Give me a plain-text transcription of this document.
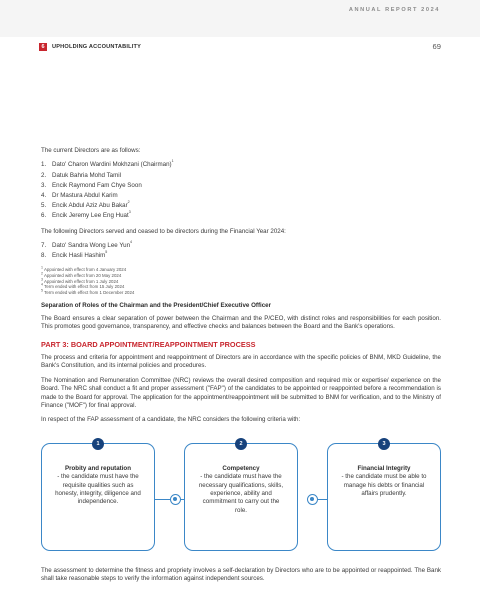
ANNUAL REPORT 2024
6	UPHOLDING ACCOUNTABILITY	69

The current Directors are as follows:

1. Dato' Charon Wardini Mokhzani (Chairman) 1
2. Datuk Bahria Mohd Tamil
3. Encik Raymond Fam Chye Soon
4. Dr Mastura Abdul Karim
5. Encik Abdul Aziz Abu Bakar 2
6. Encik Jeremy Lee Eng Huat 3

The following Directors served and ceased to be directors during the Financial Year 2024:

7. Dato' Sandra Wong Lee Yun 4
8. Encik Hasli Hashim 5
$^1$ Appointed with effect from 4 January 2024
$^2$ Appointed with effect from 20 May 2024
$^3$ Appointed with effect from 1 July 2024
$^4$ Term ended with effect from 15 July 2024
$^5$ Term ended with effect from 1 December 2024
Separation of Roles of the Chairman and the President/Chief Executive Officer

The Board ensures a clear separation of power between the Chairman and the P/CEO, with distinct roles and responsibilities for each position. This promotes good governance, transparency, and effective checks and balances between the Board and the Bank's operations.

PART 3: BOARD APPOINTMENT/REAPPOINTMENT PROCESS

The process and criteria for appointment and reappointment of Directors are in accordance with the specific policies of BNM, MKD Guideline, the Bank's Constitution, and its internal policies and procedures.

The Nomination and Remuneration Committee (NRC) reviews the overall desired composition and required mix or expertise/ experience on the Board. The NRC shall conduct a fit and proper assessment ("FAP") of the candidates to be appointed or reappointed before a recommendation is made to the Board for approval. The application for the appointment/reappointment will be submitted to BNM for verification, and to the Ministry of Finance ("MOF") for final approval.

In respect of the FAP assessment of a candidate, the NRC considers the following criteria with:

1
Probity and reputation
- the candidate must have the requisite qualities such as honesty, integrity, diligence and independence.
2
Competency
- the candidate must have the necessary qualifications, skills, experience, ability and commitment to carry out the role.
3
Financial Integrity
- the candidate must be able to manage his debts or financial affairs prudently.

The assessment to determine the fitness and propriety involves a self-declaration by Directors who are to be appointed or reappointed. The Bank shall take reasonable steps to verify the information against independent sources.
